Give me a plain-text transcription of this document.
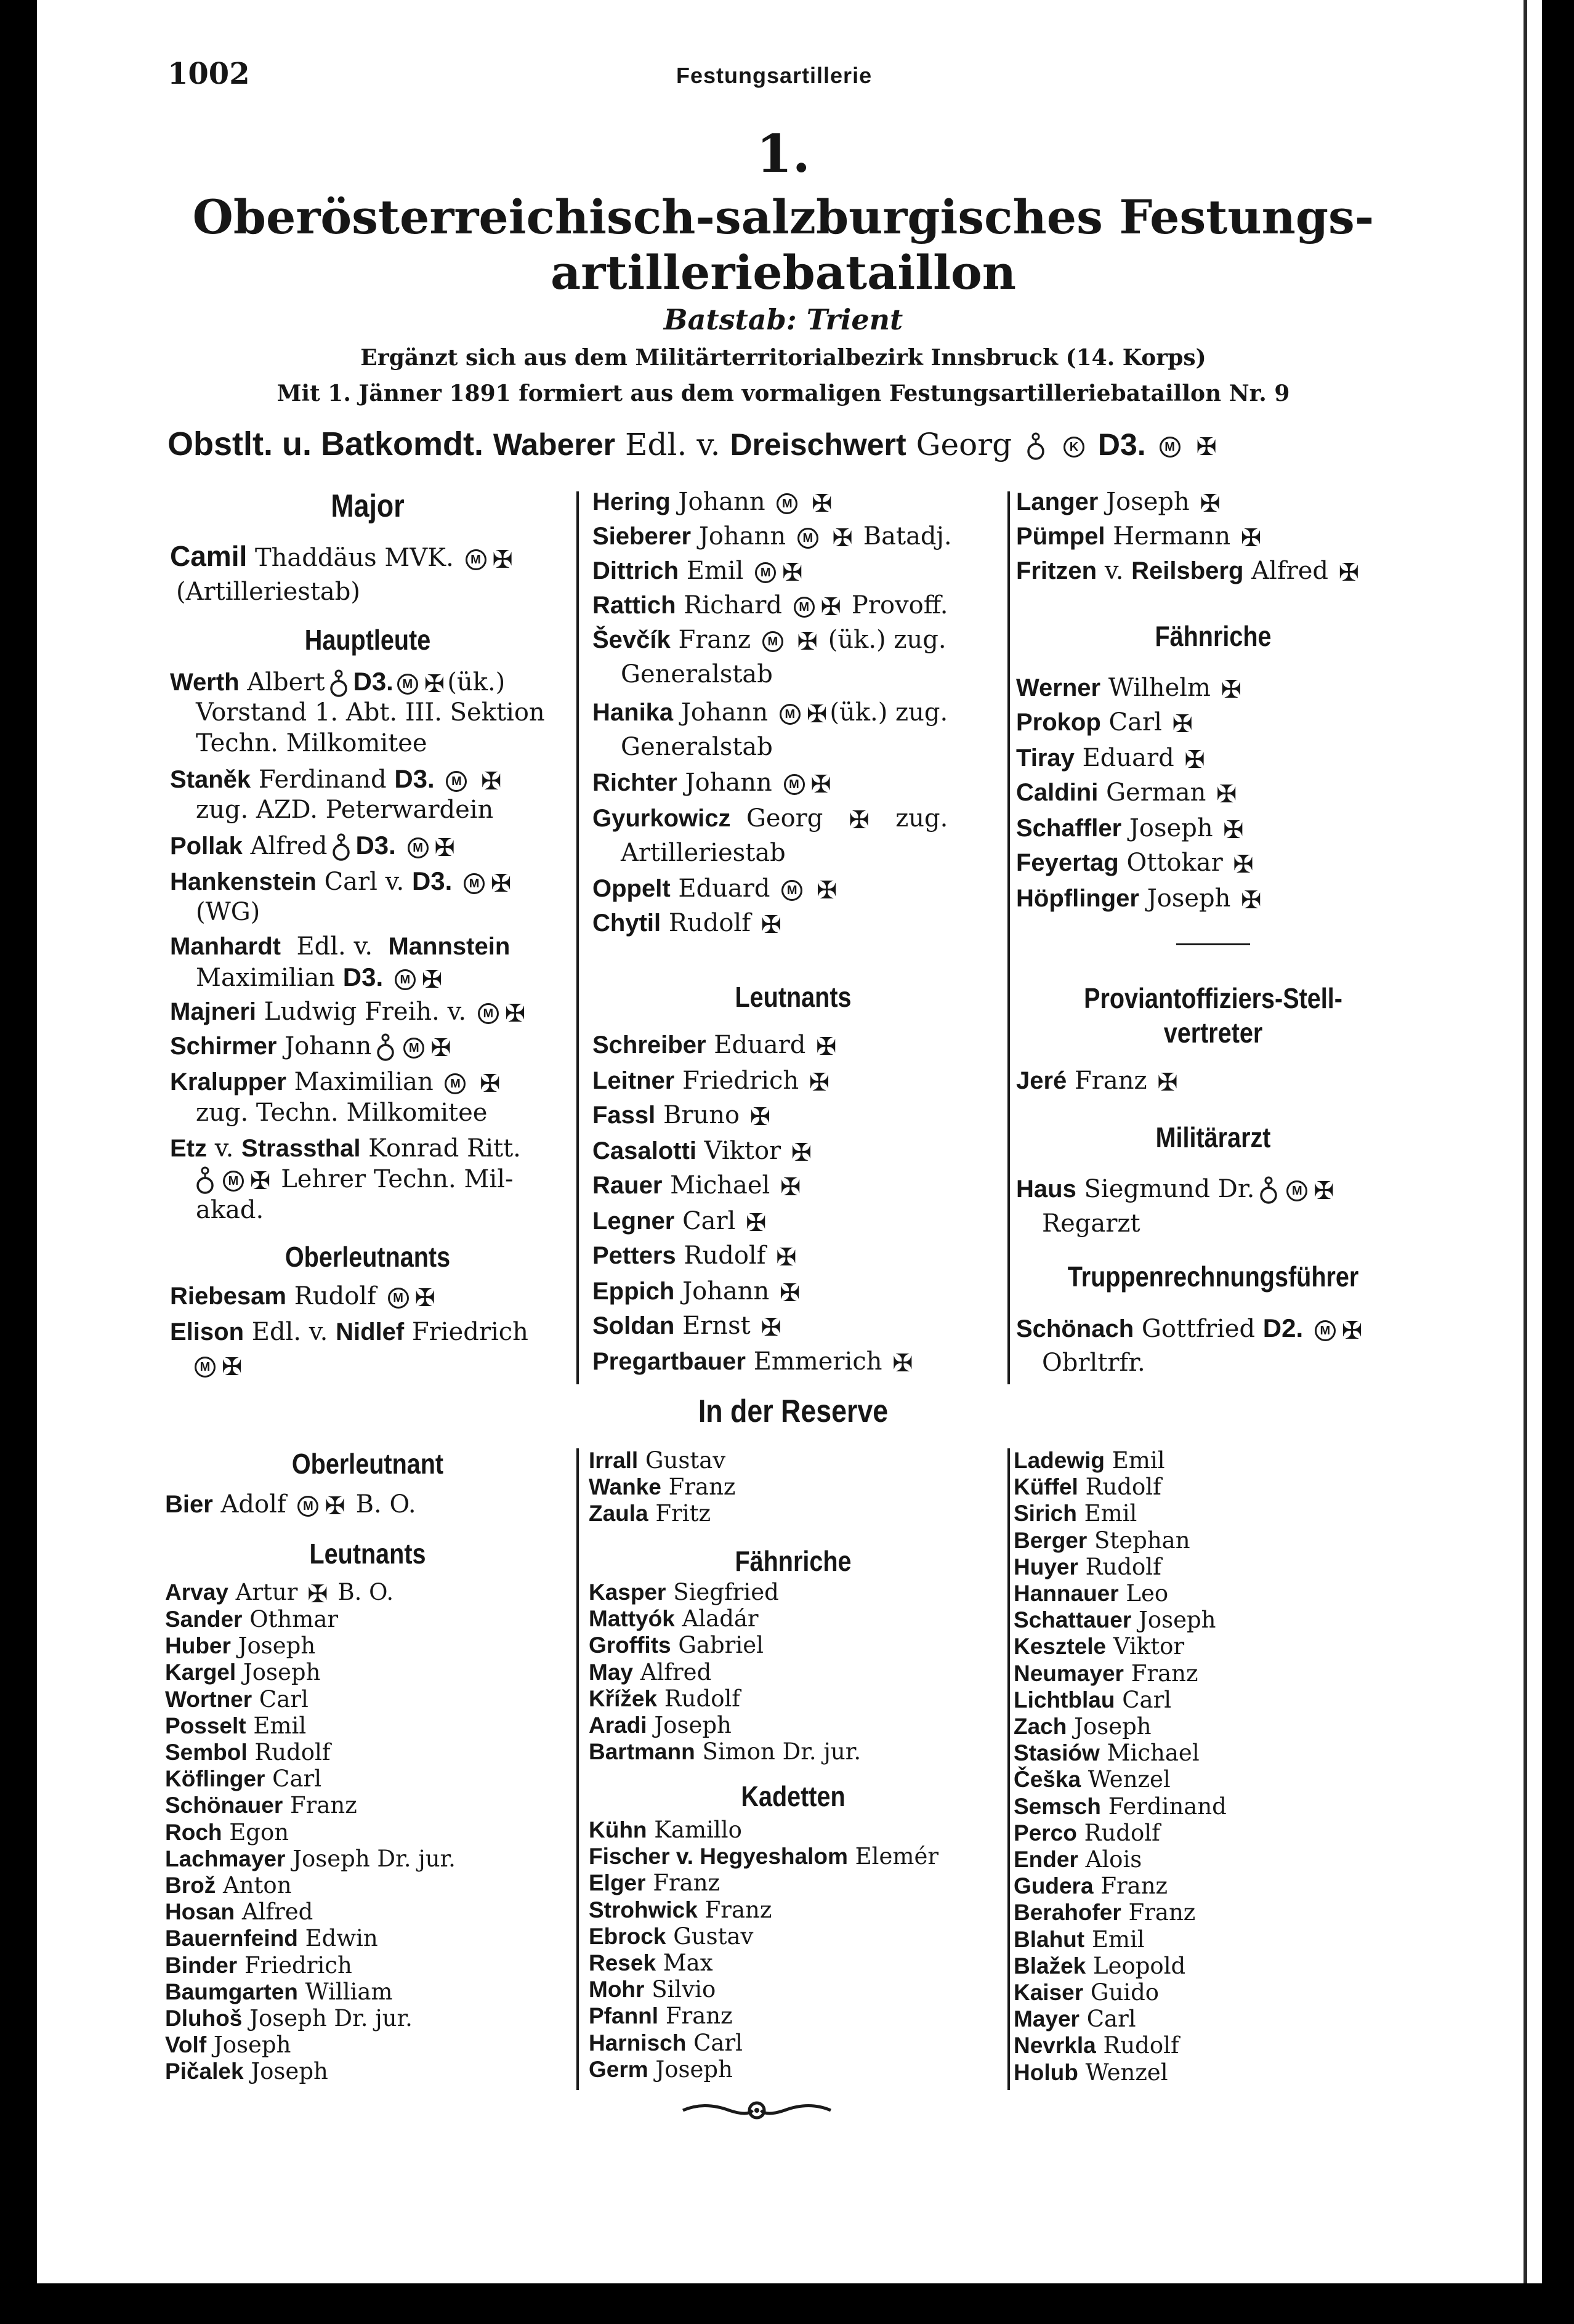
1002	Festungsartillerie
1.
Oberösterreichisch-salzburgisches Festungs-
artilleriebataillon
Batstab: Trient
Ergänzt sich aus dem Militärterritorialbezirk Innsbruck (14. Korps)
Mit 1. Jänner 1891 formiert aus dem vormaligen Festungsartilleriebataillon Nr. 9
Obstlt. u. Batkomdt. Waberer Edl. v. Dreischwert Georg	K D3. M ✠
Major
Camil Thaddäus MVK. M ✠
(Artilleriestab)
Hauptleute
Werth Albert D3. M ✠ (ük.)
Vorstand 1. Abt. III. Sektion
Techn. Milkomitee
Staněk Ferdinand D3. M ✠
zug. AZD. Peterwardein
Pollak Alfred D3. M ✠
Hankenstein Carl v. D3. M ✠
(WG)
Manhardt Edl. v. Mannstein
Maximilian D3. M ✠
Majneri Ludwig Freih. v. M ✠
Schirmer Johann	M ✠
Kralupper Maximilian M ✠
zug. Techn. Milkomitee
Etz v. Strassthal Konrad Ritt.
M ✠ Lehrer Techn. Mil-
akad.
Oberleutnants
Riebesam Rudolf M ✠
Elison Edl. v. Nidlef Friedrich
M ✠
Hering Johann M ✠
Sieberer Johann M ✠ Batadj.
Dittrich Emil M ✠
Rattich Richard M ✠ Provoff.
Ševčík Franz M ✠ (ük.) zug.
Generalstab
Hanika Johann M ✠ (ük.) zug.
Generalstab
Richter Johann M ✠
Gyurkowicz Georg ✠ zug.
Artilleriestab
Oppelt Eduard M ✠
Chytil Rudolf ✠
Leutnants
Schreiber Eduard ✠
Leitner Friedrich ✠
Fassl Bruno ✠
Casalotti Viktor ✠
Rauer Michael ✠
Legner Carl ✠
Petters Rudolf ✠
Eppich Johann ✠
Soldan Ernst ✠
Pregartbauer Emmerich ✠
Langer Joseph ✠
Pümpel Hermann ✠
Fritzen v. Reilsberg Alfred ✠
Fähnriche
Werner Wilhelm ✠
Prokop Carl ✠
Tiray Eduard ✠
Caldini German ✠
Schaffler Joseph ✠
Feyertag Ottokar ✠
Höpflinger Joseph ✠
Proviantoffiziers-Stell-
vertreter
Jeré Franz ✠
Militärarzt
Haus Siegmund Dr.	M ✠
Regarzt
Truppenrechnungsführer
Schönach Gottfried D2. M ✠
Obrltrfr.
In der Reserve
Oberleutnant
Bier Adolf M ✠ B. O.
Leutnants
Arvay Artur ✠ B. O.
Sander Othmar
Huber Joseph
Kargel Joseph
Wortner Carl
Posselt Emil
Sembol Rudolf
Köflinger Carl
Schönauer Franz
Roch Egon
Lachmayer Joseph Dr. jur.
Brož Anton
Hosan Alfred
Bauernfeind Edwin
Binder Friedrich
Baumgarten William
Dluhoš Joseph Dr. jur.
Volf Joseph
Pičalek Joseph
Irrall Gustav
Wanke Franz
Zaula Fritz
Fähnriche
Kasper Siegfried
Mattyók Aladár
Groffits Gabriel
May Alfred
Křížek Rudolf
Aradi Joseph
Bartmann Simon Dr. jur.
Kadetten
Kühn Kamillo
Fischer v. Hegyeshalom Elemér
Elger Franz
Strohwick Franz
Ebrock Gustav
Resek Max
Mohr Silvio
Pfannl Franz
Harnisch Carl
Germ Joseph
Ladewig Emil
Küffel Rudolf
Sirich Emil
Berger Stephan
Huyer Rudolf
Hannauer Leo
Schattauer Joseph
Kesztele Viktor
Neumayer Franz
Lichtblau Carl
Zach Joseph
Stasiów Michael
Češka Wenzel
Semsch Ferdinand
Perco Rudolf
Ender Alois
Gudera Franz
Berahofer Franz
Blahut Emil
Blažek Leopold
Kaiser Guido
Mayer Carl
Nevrkla Rudolf
Holub Wenzel
